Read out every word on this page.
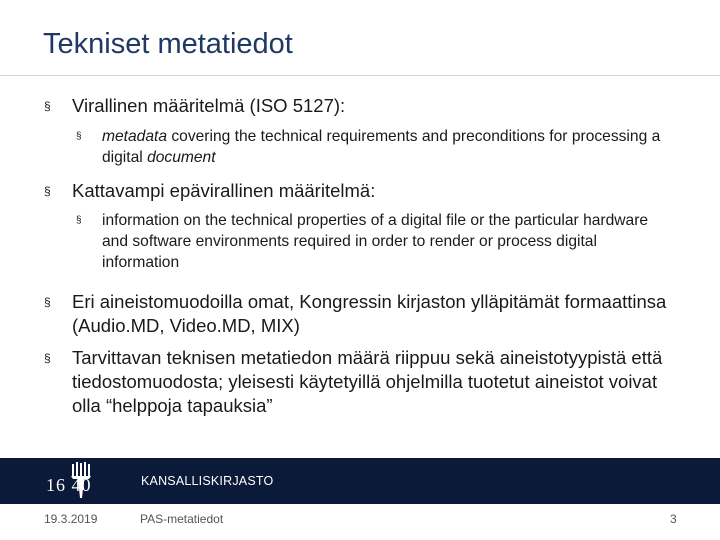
Tekniset metatiedot
§	Virallinen määritelmä (ISO 5127):
§	metadata covering the technical requirements and preconditions for processing a digital document
§	Kattavampi epävirallinen määritelmä:
§	information on the technical properties of a digital file or the particular hardware and software environments required in order to render or process digital information
§	Eri aineistomuodoilla omat, Kongressin kirjaston ylläpitämät formaattinsa (Audio.MD, Video.MD, MIX)
§	Tarvittavan teknisen metatiedon määrä riippuu sekä aineistotyypistä että tiedostomuodosta; yleisesti käytetyillä ohjelmilla tuotetut aineistot voivat olla “helppoja tapauksia”
16 40	KANSALLISKIRJASTO
19.3.2019	PAS-metatiedot	3
